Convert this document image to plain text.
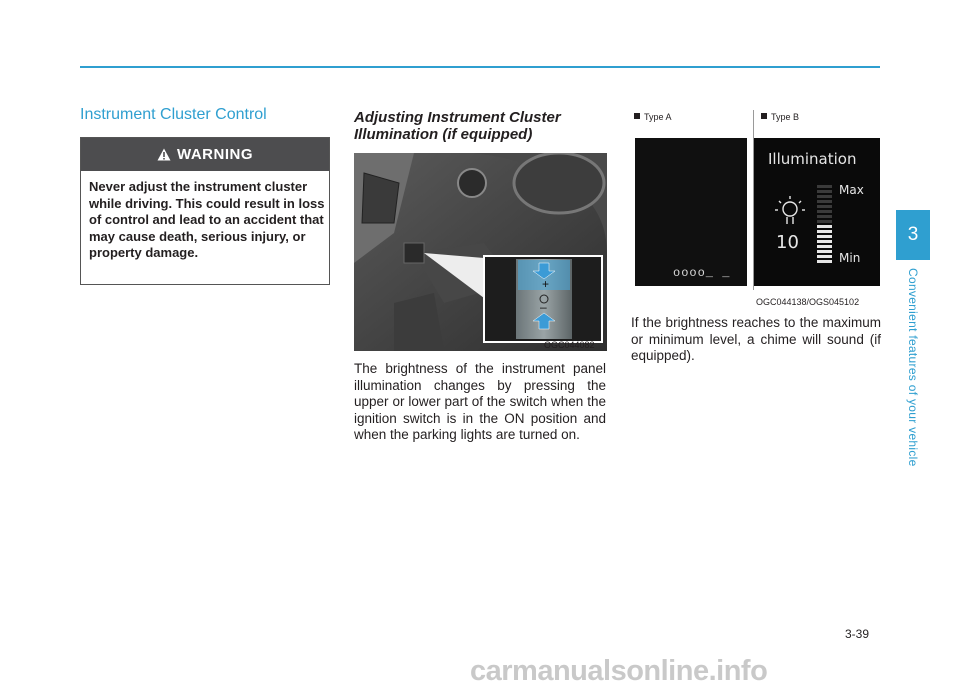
Instrument Cluster Control
WARNING

Never adjust the instrument cluster while driving. This could result in loss of control and lead to an accident that may cause death, serious injury, or property damage.

Adjusting Instrument Cluster Illumination (if equipped)
+
–
OGC044082

The brightness of the instrument panel illumination changes by pressing the upper or lower part of the switch when the ignition switch is in the ON position and when the parking lights are turned on.

Type A	Type B
oooo_ _
Illumination
10
Max
Min
OGC044138/OGS045102

If the brightness reaches to the maximum or minimum level, a chime will sound (if equipped).

3
Convenient features of your vehicle
3-39
carmanualsonline.info
